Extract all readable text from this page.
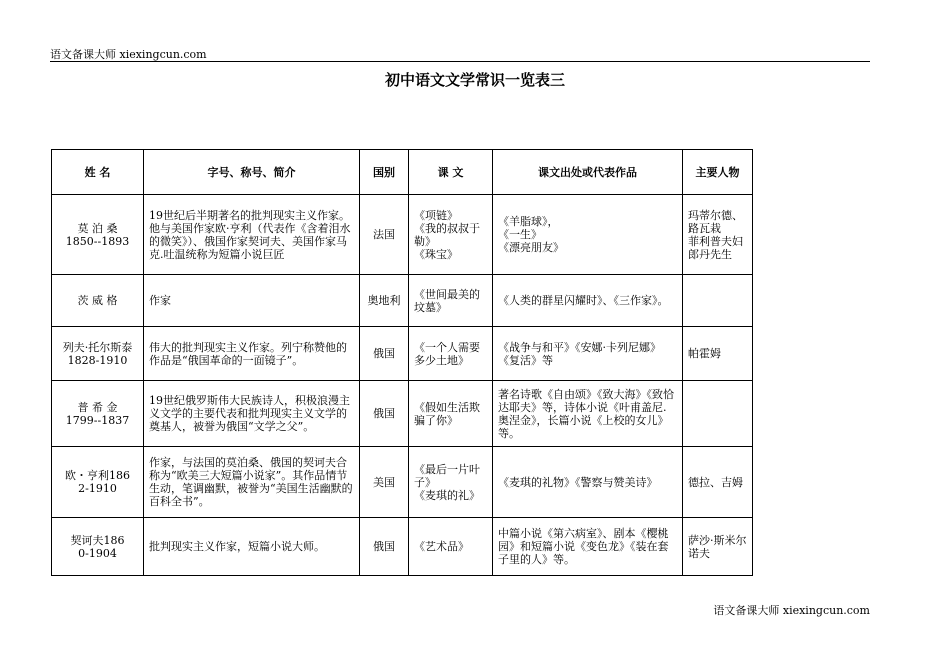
语文备课大师 xiexingcun.com
初中语文文学常识一览表三
姓 名	字号、称号、简介	国别	课 文	课文出处或代表作品	主要人物

莫 泊 桑
1850--1893	19世纪后半期著名的批判现实主义作家。他与美国作家欧·亨利（代表作《含着泪水的微笑》）、俄国作家契诃夫、美国作家马克.吐温统称为短篇小说巨匠	法国	《项链》
《我的叔叔于勒》
《珠宝》	《羊脂球》，
《一生》
《漂亮朋友》	玛蒂尔德、
路瓦栽
菲利普夫妇
郎丹先生

茨 威 格	作家	奥地利	《世间最美的坟墓》	《人类的群星闪耀时》、《三作家》。	

列夫·托尔斯泰
1828-1910	伟大的批判现实主义作家。列宁称赞他的作品是“俄国革命的一面镜子”。	俄国	《一个人需要多少土地》	《战争与和平》《安娜·卡列尼娜》《复活》等	帕霍姆

普 希 金
1799--1837	19世纪俄罗斯伟大民族诗人，积极浪漫主义文学的主要代表和批判现实主义文学的奠基人，被誉为俄国“文学之父”。	俄国	《假如生活欺骗了你》	著名诗歌《自由颂》《致大海》《致恰达耶夫》等，诗体小说《叶甫盖尼.奥涅金》，长篇小说《上校的女儿》等。	

欧・亨利186
2-1910	作家，与法国的莫泊桑、俄国的契诃夫合称为“欧美三大短篇小说家”。其作品情节生动，笔调幽默，被誉为“美国生活幽默的百科全书”。	美国	《最后一片叶子》
《麦琪的礼》	《麦琪的礼物》《警察与赞美诗》	德拉、吉姆

契诃夫186
0-1904	批判现实主义作家，短篇小说大师。	俄国	《艺术品》	中篇小说《第六病室》、剧本《樱桃园》和短篇小说《变色龙》《装在套子里的人》等。	萨沙·斯米尔诺夫
语文备课大师 xiexingcun.com
